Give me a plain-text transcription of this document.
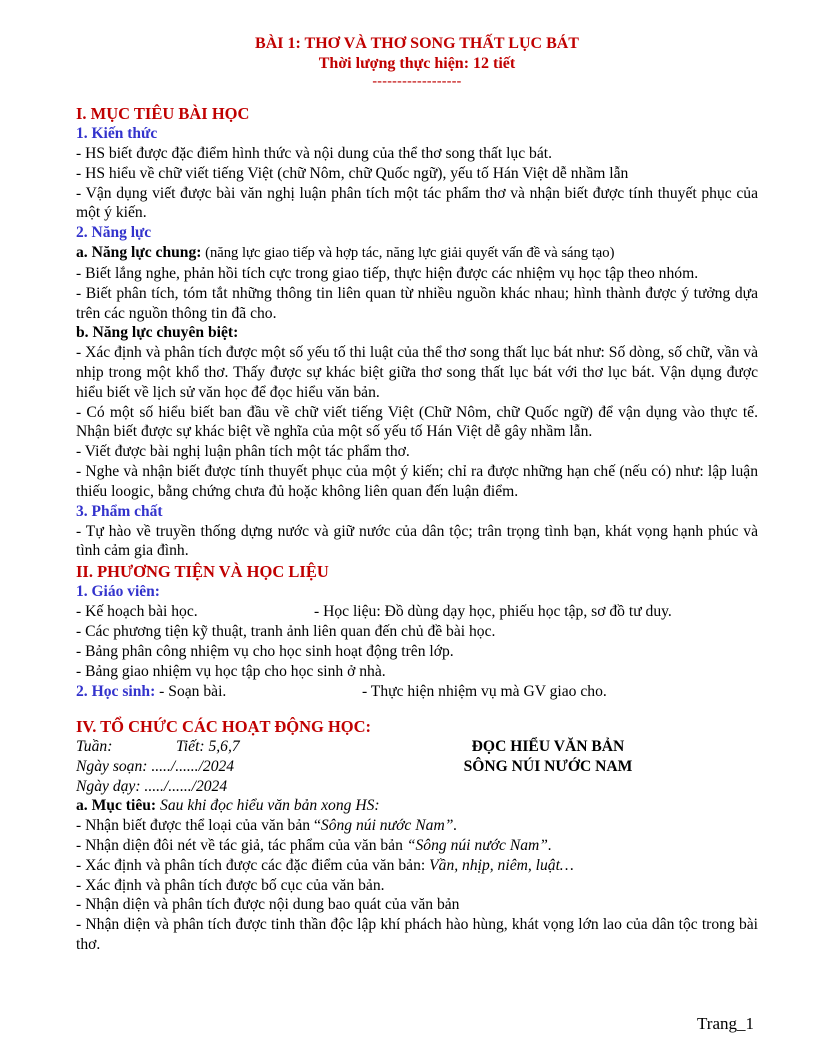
BÀI 1: THƠ VÀ THƠ SONG THẤT LỤC BÁT
Thời lượng thực hiện: 12 tiết
------------------
I. MỤC TIÊU BÀI HỌC
1. Kiến thức

- HS biết được đặc điểm hình thức và nội dung của thể thơ song thất lục bát.

- HS hiểu về chữ viết tiếng Việt (chữ Nôm, chữ Quốc ngữ), yếu tố Hán Việt dễ nhầm lẫn

- Vận dụng viết được bài văn nghị luận phân tích một tác phẩm thơ và nhận biết được tính thuyết phục của một ý kiến.

2. Năng lực

a. Năng lực chung: (năng lực giao tiếp và hợp tác, năng lực giải quyết vấn đề và sáng tạo)

- Biết lắng nghe, phản hồi tích cực trong giao tiếp, thực hiện được các nhiệm vụ học tập theo nhóm.

- Biết phân tích, tóm tắt những thông tin liên quan từ nhiều nguồn khác nhau; hình thành được ý tưởng dựa trên các nguồn thông tin đã cho.

b. Năng lực chuyên biệt:

- Xác định và phân tích được một số yếu tố thi luật của thể thơ song thất lục bát như: Số dòng, số chữ, vần và nhịp trong một khổ thơ. Thấy được sự khác biệt giữa thơ song thất lục bát với thơ lục bát. Vận dụng được hiểu biết về lịch sử văn học để đọc hiểu văn bản.

- Có một số hiểu biết ban đầu về chữ viết tiếng Việt (Chữ Nôm, chữ Quốc ngữ) để vận dụng vào thực tế. Nhận biết được sự khác biệt về nghĩa của một số yếu tố Hán Việt dễ gây nhầm lẫn.

- Viết được bài nghị luận phân tích một tác phẩm thơ.

- Nghe và nhận biết được tính thuyết phục của một ý kiến; chỉ ra được những hạn chế (nếu có) như: lập luận thiếu loogic, bằng chứng chưa đủ hoặc không liên quan đến luận điểm.

3. Phẩm chất

- Tự hào về truyền thống dựng nước và giữ nước của dân tộc; trân trọng tình bạn, khát vọng hạnh phúc và tình cảm gia đình.

II. PHƯƠNG TIỆN VÀ HỌC LIỆU
1. Giáo viên:
- Kế hoạch bài học.	- Học liệu: Đồ dùng dạy học, phiếu học tập, sơ đồ tư duy.

- Các phương tiện kỹ thuật, tranh ảnh liên quan đến chủ đề bài học.

- Bảng phân công nhiệm vụ cho học sinh hoạt động trên lớp.

- Bảng giao nhiệm vụ học tập cho học sinh ở nhà.

2. Học sinh: - Soạn bài.	- Thực hiện nhiệm vụ mà GV giao cho.
IV. TỔ CHỨC CÁC HOẠT ĐỘNG HỌC:
Tuần:	Tiết: 5,6,7	ĐỌC HIỂU VĂN BẢN
Ngày soạn: ...../....../2024	SÔNG NÚI NƯỚC NAM
Ngày dạy: ...../....../2024

a. Mục tiêu: Sau khi đọc hiểu văn bản xong HS:

- Nhận biết được thể loại của văn bản “Sông núi nước Nam”.

- Nhận diện đôi nét về tác giả, tác phẩm của văn bản “Sông núi nước Nam”.

- Xác định và phân tích được các đặc điểm của văn bản: Vần, nhịp, niêm, luật…

- Xác định và phân tích được bố cục của văn bản.

- Nhận diện và phân tích được nội dung bao quát của văn bản

- Nhận diện và phân tích được tinh thần độc lập khí phách hào hùng, khát vọng lớn lao của dân tộc trong bài thơ.

Trang_1
